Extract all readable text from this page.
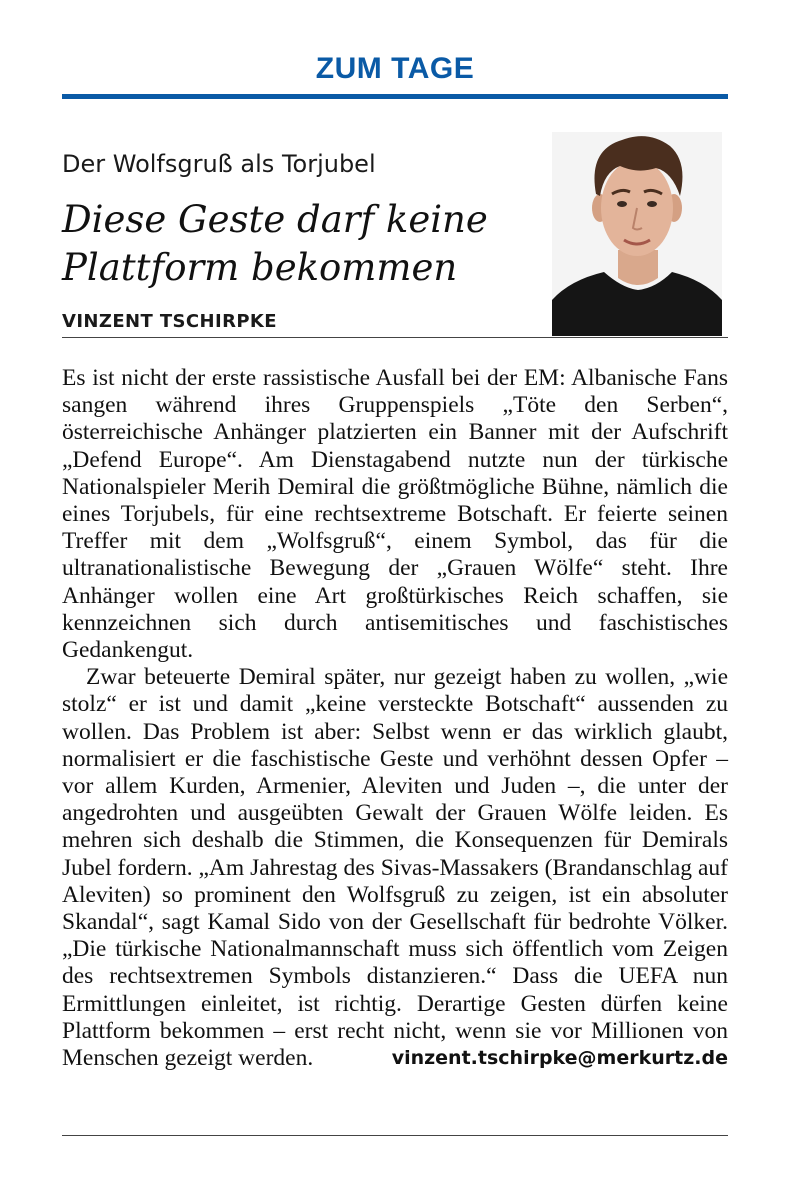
ZUM TAGE
Der Wolfsgruß als Torjubel
Diese Geste darf keine Plattform bekommen
VINZENT TSCHIRPKE

Es ist nicht der erste rassistische Ausfall bei der EM: Albanische Fans sangen während ihres Gruppenspiels „Töte den Serben“, österreichische Anhänger platzierten ein Banner mit der Aufschrift „Defend Europe“. Am Dienstagabend nutzte nun der türkische Nationalspieler Merih Demiral die größtmögliche Bühne, nämlich die eines Torjubels, für eine rechtsextreme Botschaft. Er feierte seinen Treffer mit dem „Wolfsgruß“, einem Symbol, das für die ultranationalistische Bewegung der „Grauen Wölfe“ steht. Ihre Anhänger wollen eine Art großtürkisches Reich schaffen, sie kennzeichnen sich durch antisemitisches und faschistisches Gedankengut.

Zwar beteuerte Demiral später, nur gezeigt haben zu wollen, „wie stolz“ er ist und damit „keine versteckte Botschaft“ aussenden zu wollen. Das Problem ist aber: Selbst wenn er das wirklich glaubt, normalisiert er die faschistische Geste und verhöhnt dessen Opfer – vor allem Kurden, Armenier, Aleviten und Juden –, die unter der angedrohten und ausgeübten Gewalt der Grauen Wölfe leiden. Es mehren sich deshalb die Stimmen, die Konsequenzen für Demirals Jubel fordern. „Am Jahrestag des Sivas-Massakers (Brandanschlag auf Aleviten) so prominent den Wolfsgruß zu zeigen, ist ein absoluter Skandal“, sagt Kamal Sido von der Gesellschaft für bedrohte Völker. „Die türkische Nationalmannschaft muss sich öffentlich vom Zeigen des rechtsextremen Symbols distanzieren.“ Dass die UEFA nun Ermittlungen einleitet, ist richtig. Derartige Gesten dürfen keine Plattform bekommen – erst recht nicht, wenn sie vor Millionen von Menschen gezeigt werden.	vinzent.tschirpke@merkurtz.de
